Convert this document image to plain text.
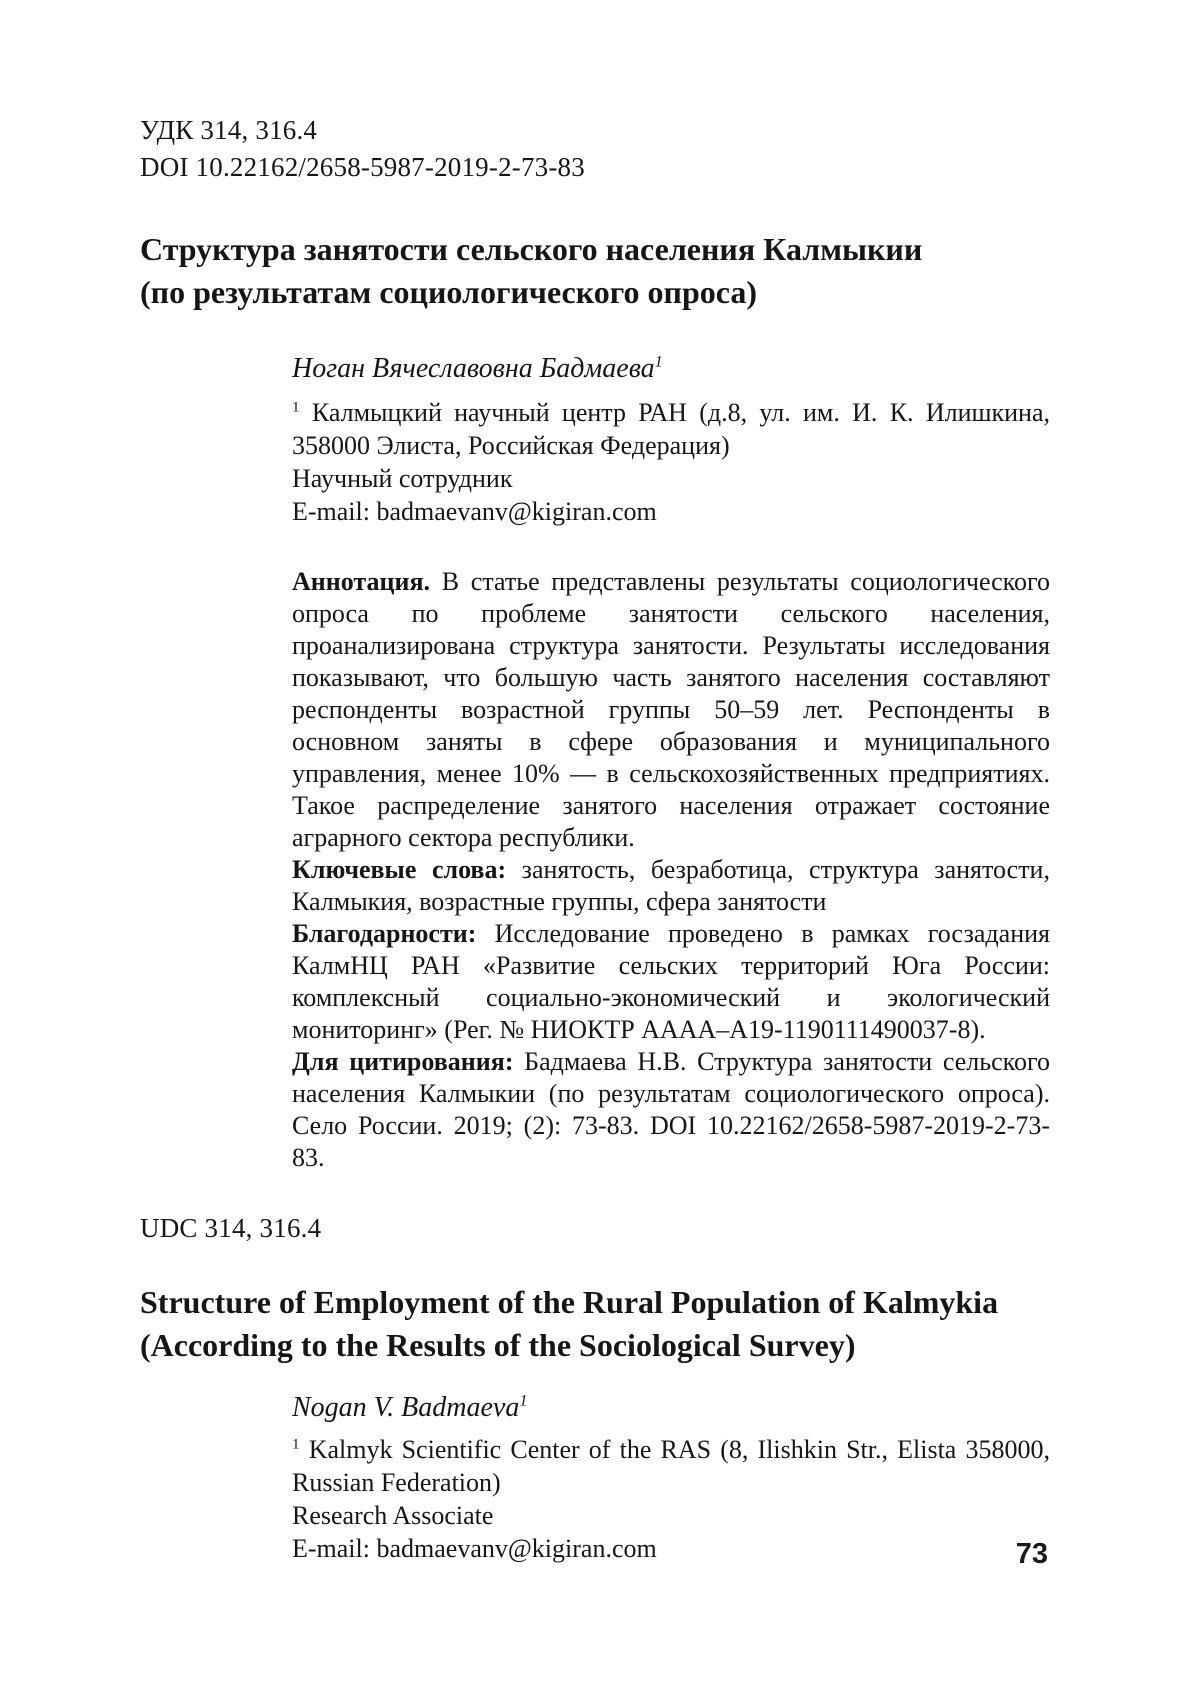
УДК 314, 316.4
DOI 10.22162/2658-5987-2019-2-73-83
Структура занятости сельского населения Калмыкии
(по результатам социологического опроса)

Ноган Вячеславовна Бадмаева$^1$

$^1$ Калмыцкий научный центр РАН (д.8, ул. им. И. К. Илишкина, 358000 Элиста, Российская Федерация)

Научный сотрудник

E-mail: badmaevanv@kigiran.com

Аннотация. В статье представлены результаты социологического опроса по проблеме занятости сельского населения, проанализирована структура занятости. Результаты исследования показывают, что большую часть занятого населения составляют респонденты возрастной группы 50–59 лет. Респонденты в основном заняты в сфере образования и муниципального управления, менее 10% — в сельскохозяйственных предприятиях. Такое распределение занятого населения отражает состояние аграрного сектора республики.

Ключевые слова: занятость, безработица, структура занятости, Калмыкия, возрастные группы, сфера занятости

Благодарности: Исследование проведено в рамках госзадания КалмНЦ РАН «Развитие сельских территорий Юга России: комплексный социально-экономический и экологический мониторинг» (Рег. № НИОКТР АААА–А19-1190111490037-8).

Для цитирования: Бадмаева Н.В. Структура занятости сельского населения Калмыкии (по результатам социологического опроса). Село России. 2019; (2): 73-83. DOI 10.22162/2658-5987-2019-2-73-83.

UDC 314, 316.4
Structure of Employment of the Rural Population of Kalmykia
(According to the Results of the Sociological Survey)

Nogan V. Badmaeva$^1$

$^1$ Kalmyk Scientific Center of the RAS (8, Ilishkin Str., Elista 358000, Russian Federation)

Research Associate

E-mail: badmaevanv@kigiran.com	73
